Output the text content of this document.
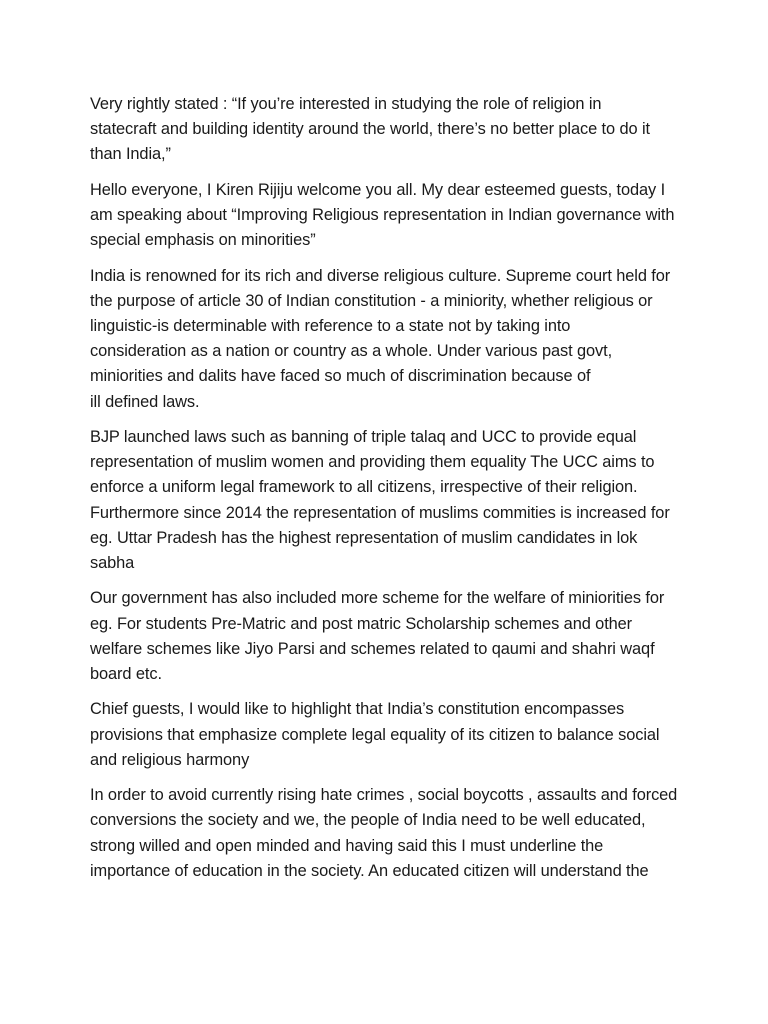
Very rightly stated : “If you’re interested in studying the role of religion in
statecraft and building identity around the world, there’s no better place to do it
than India,”

Hello everyone, I Kiren Rijiju welcome you all. My dear esteemed guests, today I
am speaking about “Improving Religious representation in Indian governance with
special emphasis on minorities”

India is renowned for its rich and diverse religious culture. Supreme court held for
the purpose of article 30 of Indian constitution - a miniority, whether religious or
linguistic-is determinable with reference to a state not by taking into
consideration as a nation or country as a whole. Under various past govt,
miniorities and dalits have faced so much of discrimination because of
ill defined laws.

BJP launched laws such as banning of triple talaq and UCC to provide equal
representation of muslim women and providing them equality The UCC aims to
enforce a uniform legal framework to all citizens, irrespective of their religion.
Furthermore since 2014 the representation of muslims commities is increased for
eg. Uttar Pradesh has the highest representation of muslim candidates in lok
sabha

Our government has also included more scheme for the welfare of miniorities for
eg. For students Pre-Matric and post matric Scholarship schemes and other
welfare schemes like Jiyo Parsi and schemes related to qaumi and shahri waqf
board etc.

Chief guests, I would like to highlight that India’s constitution encompasses
provisions that emphasize complete legal equality of its citizen to balance social
and religious harmony

In order to avoid currently rising hate crimes , social boycotts , assaults and forced
conversions the society and we, the people of India need to be well educated,
strong willed and open minded and having said this I must underline the
importance of education in the society. An educated citizen will understand the
